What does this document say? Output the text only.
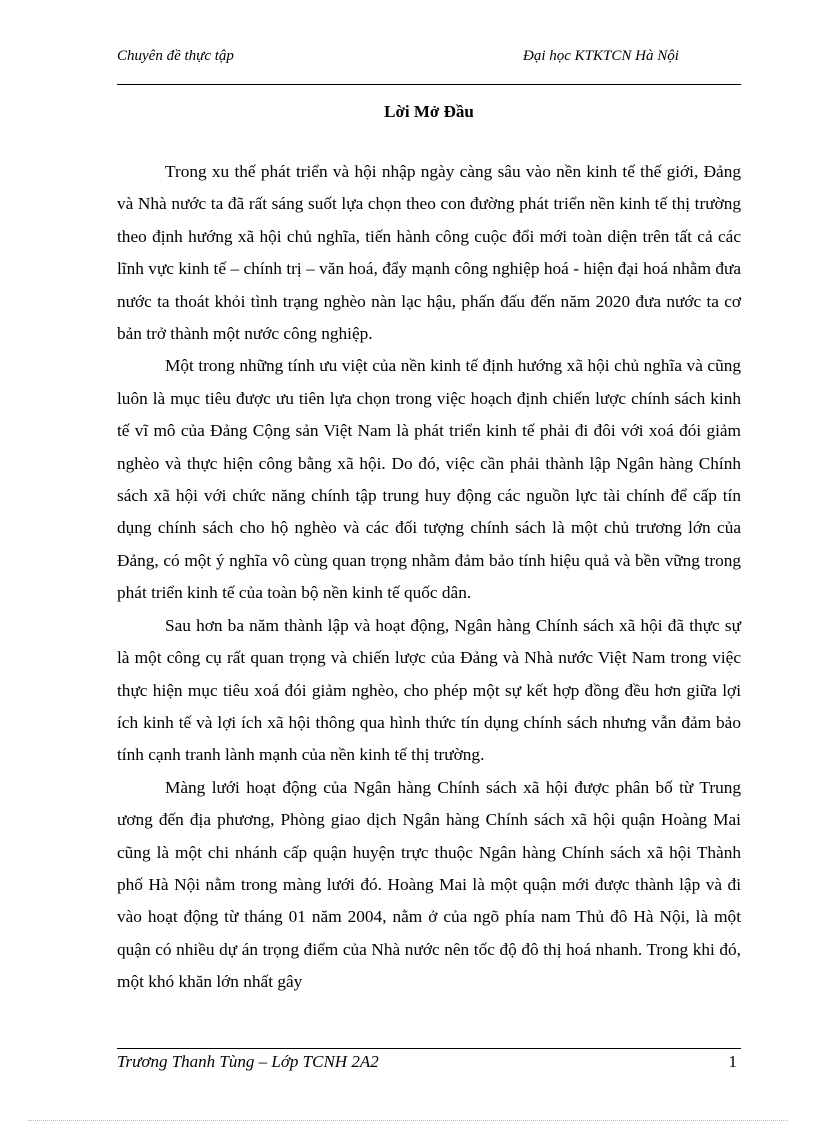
Chuyên đề thực tập	Đại học KTKTCN Hà Nội
Lời Mở Đầu

Trong xu thế phát triển và hội nhập ngày càng sâu vào nền kinh tế thế giới, Đảng và Nhà nước ta đã rất sáng suốt lựa chọn theo con đường phát triển nền kinh tế thị trường theo định hướng xã hội chủ nghĩa, tiến hành công cuộc đổi mới toàn diện trên tất cả các lĩnh vực kinh tế – chính trị – văn hoá, đẩy mạnh công nghiệp hoá - hiện đại hoá nhằm đưa nước ta thoát khỏi tình trạng nghèo nàn lạc hậu, phấn đấu đến năm 2020 đưa nước ta cơ bản trở thành một nước công nghiệp.

Một trong những tính ưu việt của nền kinh tế định hướng xã hội chủ nghĩa và cũng luôn là mục tiêu được ưu tiên lựa chọn trong việc hoạch định chiến lược chính sách kinh tế vĩ mô của Đảng Cộng sản Việt Nam là phát triển kinh tế phải đi đôi với xoá đói giảm nghèo và thực hiện công bằng xã hội. Do đó, việc cần phải thành lập Ngân hàng Chính sách xã hội với chức năng chính tập trung huy động các nguồn lực tài chính để cấp tín dụng chính sách cho hộ nghèo và các đối tượng chính sách là một chủ trương lớn của Đảng, có một ý nghĩa vô cùng quan trọng nhằm đảm bảo tính hiệu quả và bền vững trong phát triển kinh tế của toàn bộ nền kinh tế quốc dân.

Sau hơn ba năm thành lập và hoạt động, Ngân hàng Chính sách xã hội đã thực sự là một công cụ rất quan trọng và chiến lược của Đảng và Nhà nước Việt Nam trong việc thực hiện mục tiêu xoá đói giảm nghèo, cho phép một sự kết hợp đồng đều hơn giữa lợi ích kinh tế và lợi ích xã hội thông qua hình thức tín dụng chính sách nhưng vẫn đảm bảo tính cạnh tranh lành mạnh của nền kinh tế thị trường.

Màng lưới hoạt động của Ngân hàng Chính sách xã hội được phân bố từ Trung ương đến địa phương, Phòng giao dịch Ngân hàng Chính sách xã hội quận Hoàng Mai cũng là một chi nhánh cấp quận huyện trực thuộc Ngân hàng Chính sách xã hội Thành phố Hà Nội nằm trong màng lưới đó. Hoàng Mai là một quận mới được thành lập và đi vào hoạt động từ tháng 01 năm 2004, nằm ở của ngõ phía nam Thủ đô Hà Nội, là một quận có nhiều dự án trọng điểm của Nhà nước nên tốc độ đô thị hoá nhanh. Trong khi đó, một khó khăn lớn nhất gây

Trương Thanh Tùng – Lớp TCNH 2A2	1
